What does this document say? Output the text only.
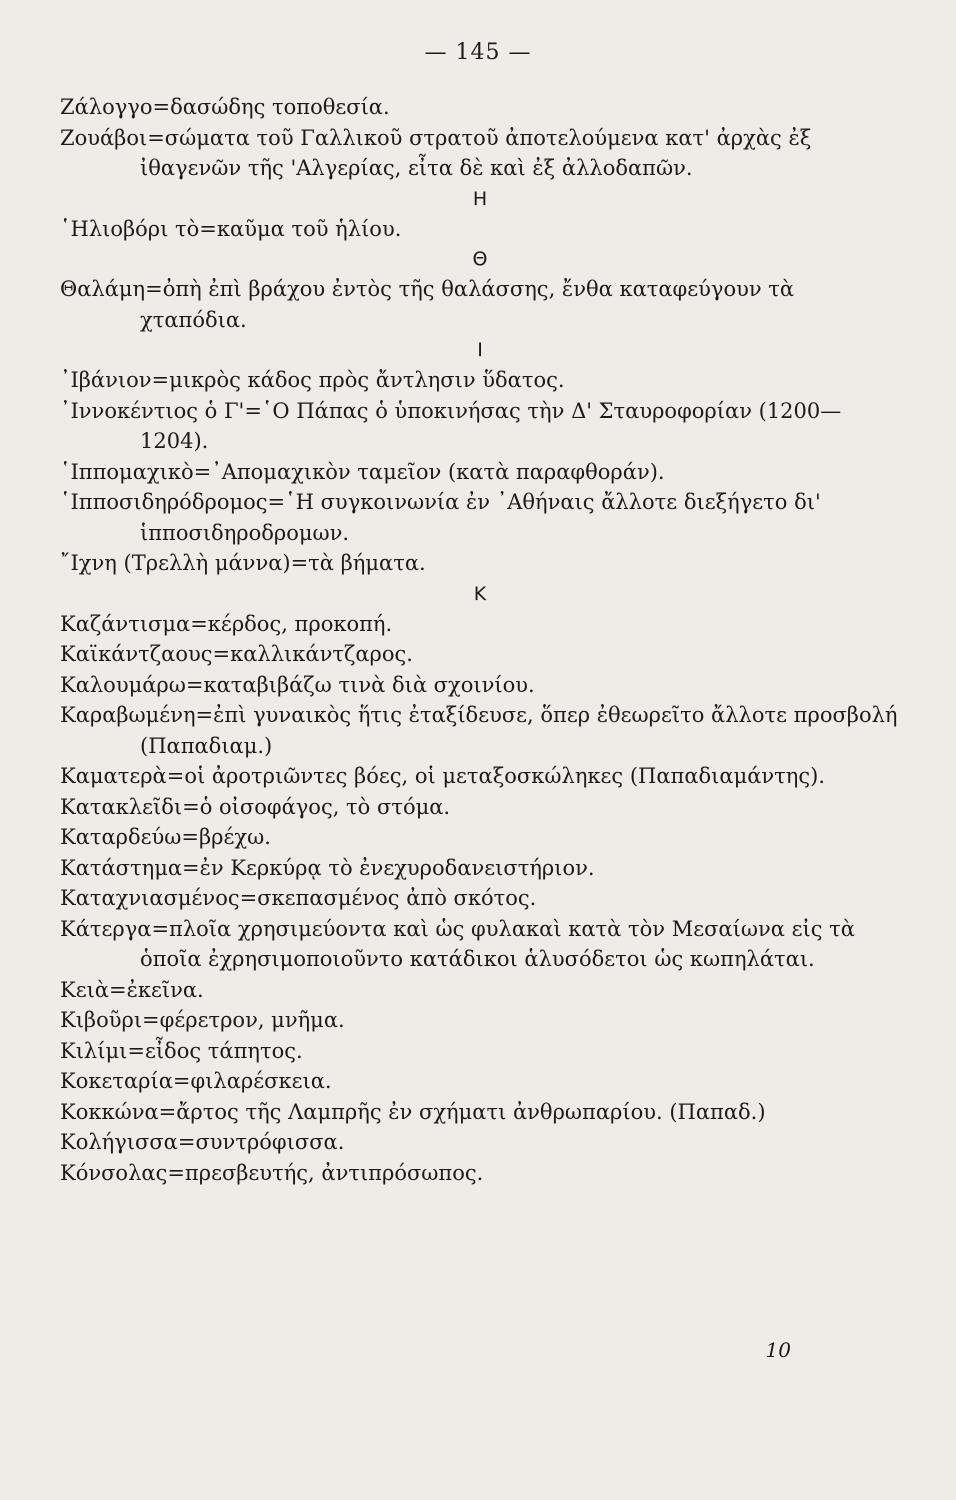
— 145 —

Ζάλογγο=δασώδης τοποθεσία.

Ζουάβοι=σώματα τοῦ Γαλλικοῦ στρατοῦ ἀποτελούμενα κατ' ἀρχὰς ἐξ ἰθαγενῶν τῆς 'Αλγερίας, εἶτα δὲ καὶ ἐξ ἀλλοδαπῶν.

Η

῾Ηλιοβόρι τὸ=καῦμα τοῦ ἡλίου.

Θ

Θαλάμη=ὀπὴ ἐπὶ βράχου ἐντὸς τῆς θαλάσσης, ἔνθα καταφεύγουν τὰ χταπόδια.

Ι

᾿Ιβάνιον=μικρὸς κάδος πρὸς ἄντλησιν ὕδατος.

᾿Ιννοκέντιος ὁ Γ'=῾Ο Πάπας ὁ ὑποκινήσας τὴν Δ' Σταυροφορίαν (1200—1204).

῾Ιππομαχικὸ=᾿Απομαχικὸν ταμεῖον (κατὰ παραφθοράν).

῾Ιπποσιδηρόδρομος=῾Η συγκοινωνία ἐν ᾿Αθήναις ἄλλοτε διεξήγετο δι' ἱπποσιδηροδρομων.

῎Ιχνη (Τρελλὴ μάννα)=τὰ βήματα.

Κ

Καζάντισμα=κέρδος, προκοπή.

Καϊκάντζαους=καλλικάντζαρος.

Καλουμάρω=καταβιβάζω τινὰ διὰ σχοινίου.

Καραβωμένη=ἐπὶ γυναικὸς ἥτις ἐταξίδευσε, ὅπερ ἐθεωρεῖτο ἄλλοτε προσβολή (Παπαδιαμ.)

Καματερὰ=οἱ ἀροτριῶντες βόες, οἱ μεταξοσκώληκες (Παπαδιαμάντης).

Κατακλεῖδι=ὁ οἰσοφάγος, τὸ στόμα.

Καταρδεύω=βρέχω.

Κατάστημα=ἐν Κερκύρᾳ τὸ ἐνεχυροδανειστήριον.

Καταχνιασμένος=σκεπασμένος ἀπὸ σκότος.

Κάτεργα=πλοῖα χρησιμεύοντα καὶ ὡς φυλακαὶ κατὰ τὸν Μεσαίωνα εἰς τὰ ὁποῖα ἐχρησιμοποιοῦντο κατάδικοι ἁλυσόδετοι ὡς κωπηλάται.

Κειὰ=ἐκεῖνα.

Κιβοῦρι=φέρετρον, μνῆμα.

Κιλίμι=εἶδος τάπητος.

Κοκεταρία=φιλαρέσκεια.

Κοκκώνα=ἄρτος τῆς Λαμπρῆς ἐν σχήματι ἀνθρωπαρίου. (Παπαδ.)

Κολήγισσα=συντρόφισσα.

Κόνσολας=πρεσβευτής, ἀντιπρόσωπος.

10
